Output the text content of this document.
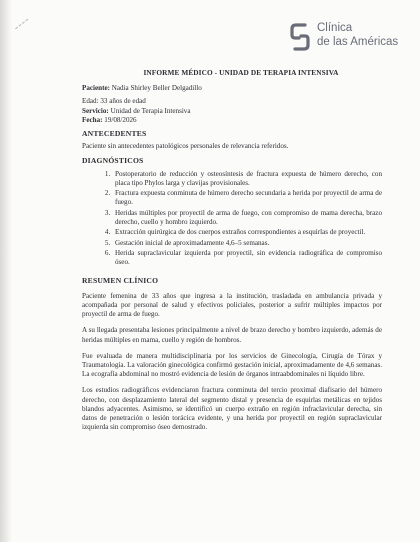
Clínica
de las Américas
INFORME MÉDICO - UNIDAD DE TERAPIA INTENSIVA
Paciente: Nadia Shirley Beller Delgadillo
Edad: 33 años de edad
Servicio: Unidad de Terapia Intensiva
Fecha: 19/08/2026
ANTECEDENTES

Paciente sin antecedentes patológicos personales de relevancia referidos.

DIAGNÓSTICOS
1. Postoperatorio de reducción y osteosíntesis de fractura expuesta de húmero derecho, con placa tipo Phylos larga y clavijas provisionales.
2. Fractura expuesta conminuta de húmero derecho secundaria a herida por proyectil de arma de fuego.
3. Heridas múltiples por proyectil de arma de fuego, con compromiso de mama derecha, brazo derecho, cuello y hombro izquierdo.
4. Extracción quirúrgica de dos cuerpos extraños correspondientes a esquirlas de proyectil.
5. Gestación inicial de aproximadamente 4,6–5 semanas.
6. Herida supraclavicular izquierda por proyectil, sin evidencia radiográfica de compromiso óseo.
RESUMEN CLÍNICO

Paciente femenina de 33 años que ingresa a la institución, trasladada en ambulancia privada y acompañada por personal de salud y efectivos policiales, posterior a sufrir múltiples impactos por proyectil de arma de fuego.

A su llegada presentaba lesiones principalmente a nivel de brazo derecho y hombro izquierdo, además de heridas múltiples en mama, cuello y región de hombros.

Fue evaluada de manera multidisciplinaria por los servicios de Ginecología, Cirugía de Tórax y Traumatología. La valoración ginecológica confirmó gestación inicial, aproximadamente de 4,6 semanas. La ecografía abdominal no mostró evidencia de lesión de órganos intraabdominales ni líquido libre.

Los estudios radiográficos evidenciaron fractura conminuta del tercio proximal diafisario del húmero derecho, con desplazamiento lateral del segmento distal y presencia de esquirlas metálicas en tejidos blandos adyacentes. Asimismo, se identificó un cuerpo extraño en región infraclavicular derecha, sin datos de penetración o lesión torácica evidente, y una herida por proyectil en región supraclavicular izquierda sin compromiso óseo demostrado.
